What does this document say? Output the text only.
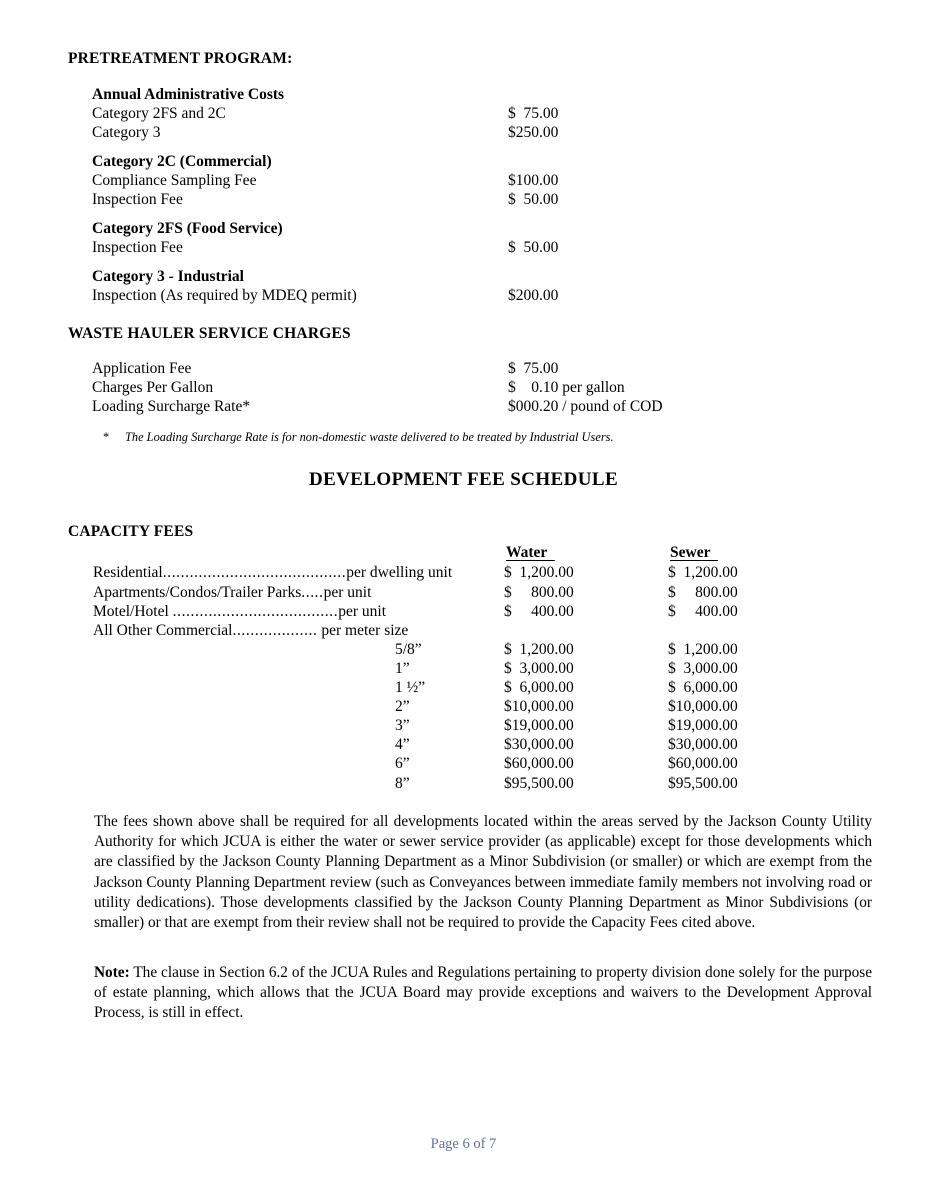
PRETREATMENT PROGRAM:
Annual Administrative Costs
Category 2FS and 2C	$  75.00
Category 3	$250.00
Category 2C (Commercial)
Compliance Sampling Fee	$100.00
Inspection Fee	$  50.00
Category 2FS (Food Service)
Inspection Fee	$  50.00
Category 3 - Industrial
Inspection (As required by MDEQ permit)	$200.00
WASTE HAULER SERVICE CHARGES
Application Fee	$  75.00
Charges Per Gallon	$    0.10 per gallon
Loading Surcharge Rate*	$000.20 / pound of COD
* The Loading Surcharge Rate is for non-domestic waste delivered to be treated by Industrial Users.
DEVELOPMENT FEE SCHEDULE
CAPACITY FEES
Water	Sewer
Residential.........................................per dwelling unit	$  1,200.00	$  1,200.00
Apartments/Condos/Trailer Parks.....per unit	$     800.00	$     800.00
Motel/Hotel .....................................per unit	$     400.00	$     400.00
All Other Commercial................... per meter size
5/8”	$  1,200.00	$  1,200.00
1”	$  3,000.00	$  3,000.00
1 ½”	$  6,000.00	$  6,000.00
2”	$10,000.00	$10,000.00
3”	$19,000.00	$19,000.00
4”	$30,000.00	$30,000.00
6”	$60,000.00	$60,000.00
8”	$95,500.00	$95,500.00
The fees shown above shall be required for all developments located within the areas served by the Jackson County Utility Authority for which JCUA is either the water or sewer service provider (as applicable) except for those developments which are classified by the Jackson County Planning Department as a Minor Subdivision (or smaller) or which are exempt from the Jackson County Planning Department review (such as Conveyances between immediate family members not involving road or utility dedications). Those developments classified by the Jackson County Planning Department as Minor Subdivisions (or smaller) or that are exempt from their review shall not be required to provide the Capacity Fees cited above.
Note: The clause in Section 6.2 of the JCUA Rules and Regulations pertaining to property division done solely for the purpose of estate planning, which allows that the JCUA Board may provide exceptions and waivers to the Development Approval Process, is still in effect.
Page 6 of 7
